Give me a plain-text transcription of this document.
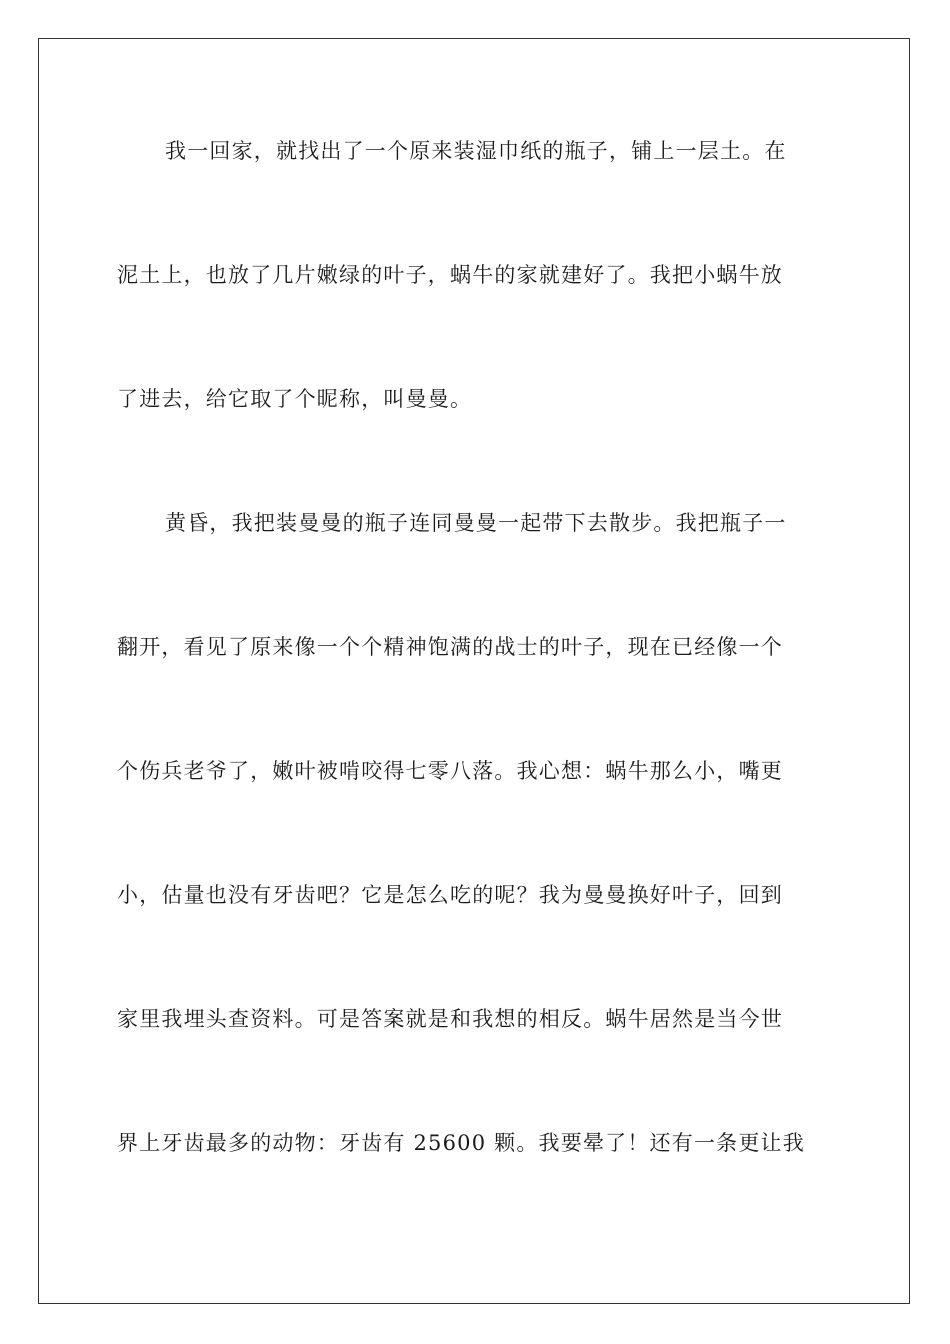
我一回家，就找出了一个原来装湿巾纸的瓶子，铺上一层土。在
泥土上，也放了几片嫩绿的叶子，蜗牛的家就建好了。我把小蜗牛放
了进去，给它取了个昵称，叫曼曼。
黄昏，我把装曼曼的瓶子连同曼曼一起带下去散步。我把瓶子一
翻开，看见了原来像一个个精神饱满的战士的叶子，现在已经像一个
个伤兵老爷了，嫩叶被啃咬得七零八落。我心想：蜗牛那么小，嘴更
小，估量也没有牙齿吧？它是怎么吃的呢？我为曼曼换好叶子，回到
家里我埋头查资料。可是答案就是和我想的相反。蜗牛居然是当今世
界上牙齿最多的动物：牙齿有 25600 颗。我要晕了！还有一条更让我
